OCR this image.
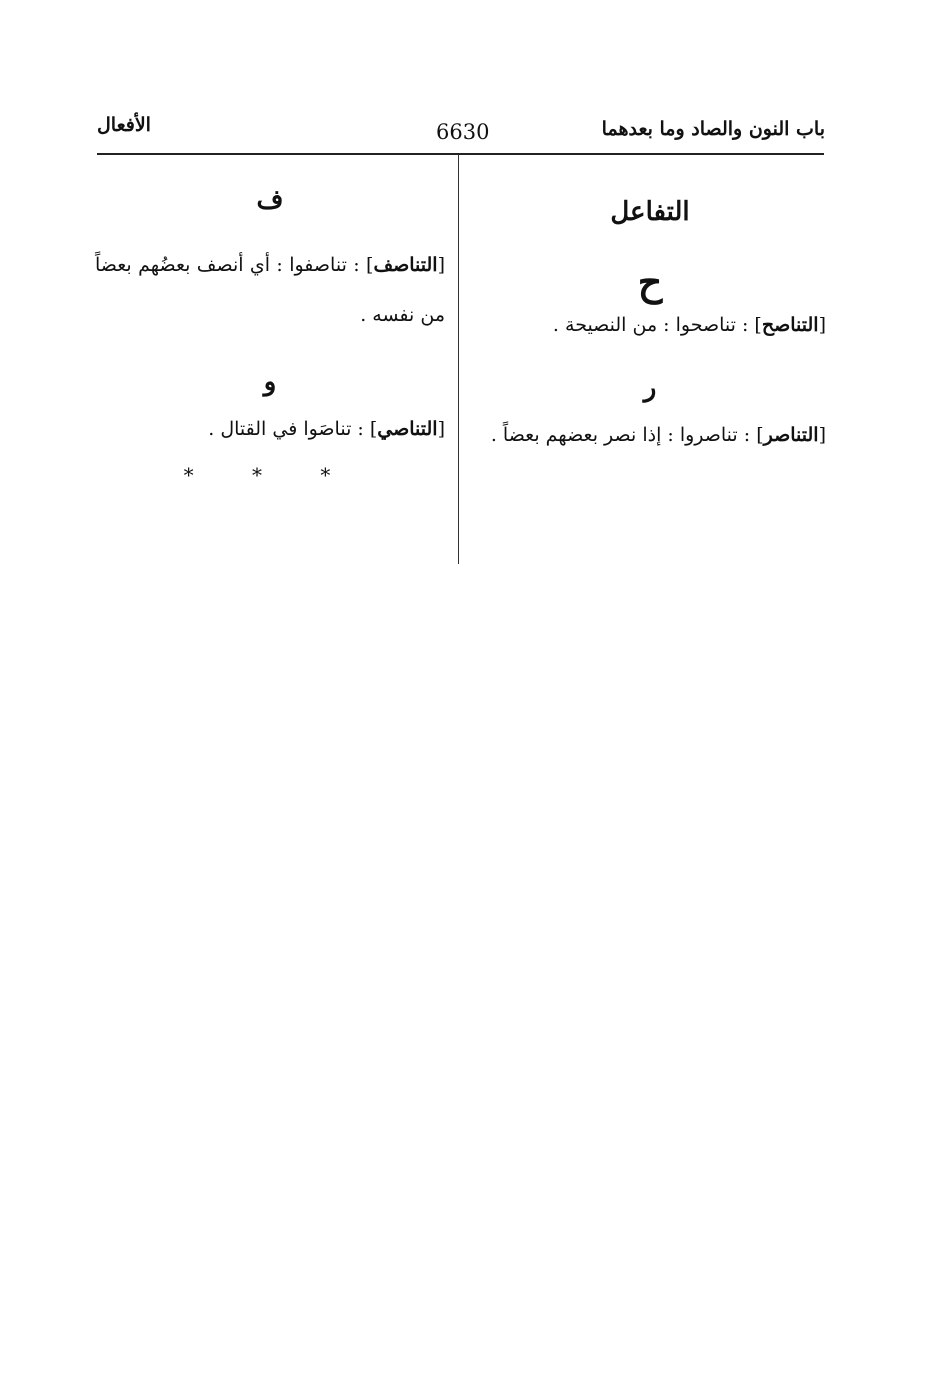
باب النون والصاد وما بعدهما
6630
الأفعال
التفاعل
ح

[التناصح] : تناصحوا : من النصيحة .

ر

[التناصر] : تناصروا : إذا نصر بعضهم بعضاً .

ف

[التناصف] : تناصفوا : أي أنصف بعضُهم بعضاً من نفسه .

و

[التناصي] : تناصَوا في القتال .

* * *
